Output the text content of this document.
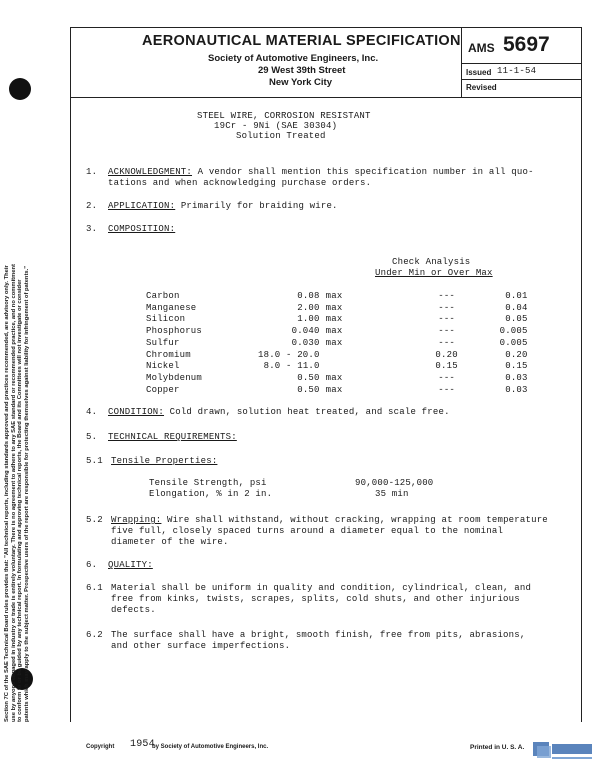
AERONAUTICAL MATERIAL SPECIFICATION
Society of Automotive Engineers, Inc.
29 West 39th Street
New York City
AMS 5697
Issued 11-1-54
Revised
STEEL WIRE, CORROSION RESISTANT
19Cr - 9Ni (SAE 30304)
Solution Treated
1.	ACKNOWLEDGMENT: A vendor shall mention this specification number in all quo-
tations and when acknowledging purchase orders.
2.	APPLICATION: Primarily for braiding wire.
3.	COMPOSITION:
Check Analysis
Under Min or Over Max
Carbon	0.08	max	---	0.01
Manganese	2.00	max	---	0.04
Silicon	1.00	max	---	0.05
Phosphorus	0.040	max	---	0.005
Sulfur	0.030	max	---	0.005
Chromium	18.0 - 20.0		0.20	0.20
Nickel	8.0 - 11.0		0.15	0.15
Molybdenum	0.50	max	---	0.03
Copper	0.50	max	---	0.03
4.	CONDITION: Cold drawn, solution heat treated, and scale free.
5.	TECHNICAL REQUIREMENTS:
5.1 Tensile Properties:
Tensile Strength, psi	90,000-125,000
Elongation, % in 2 in.	35 min
5.2 Wrapping: Wire shall withstand, without cracking, wrapping at room temperature
five full, closely spaced turns around a diameter equal to the nominal
diameter of the wire.
6.	QUALITY:
6.1 Material shall be uniform in quality and condition, cylindrical, clean, and
free from kinks, twists, scrapes, splits, cold shuts, and other injurious
defects.
6.2 The surface shall have a bright, smooth finish, free from pits, abrasions,
and other surface imperfections.
Section 7C of the SAE Technical Board rules provides that: "All technical reports, including standards approved and practices recommended, are advisory only. Their use by anyone engaged in industry or trade is entirely voluntary. There is no agreement to adhere to any SAE standard or recommended practice, and no commitment to conform to or be guided by any technical report. In formulating and approving technical reports, the Board and its Committees will not investigate or consider patents which may apply to the subject matter. Prospective users of the report are responsible for protecting themselves against liability for infringement of patents."
Copyright 1954
by Society of Automotive Engineers, Inc.	Printed in U. S. A.
